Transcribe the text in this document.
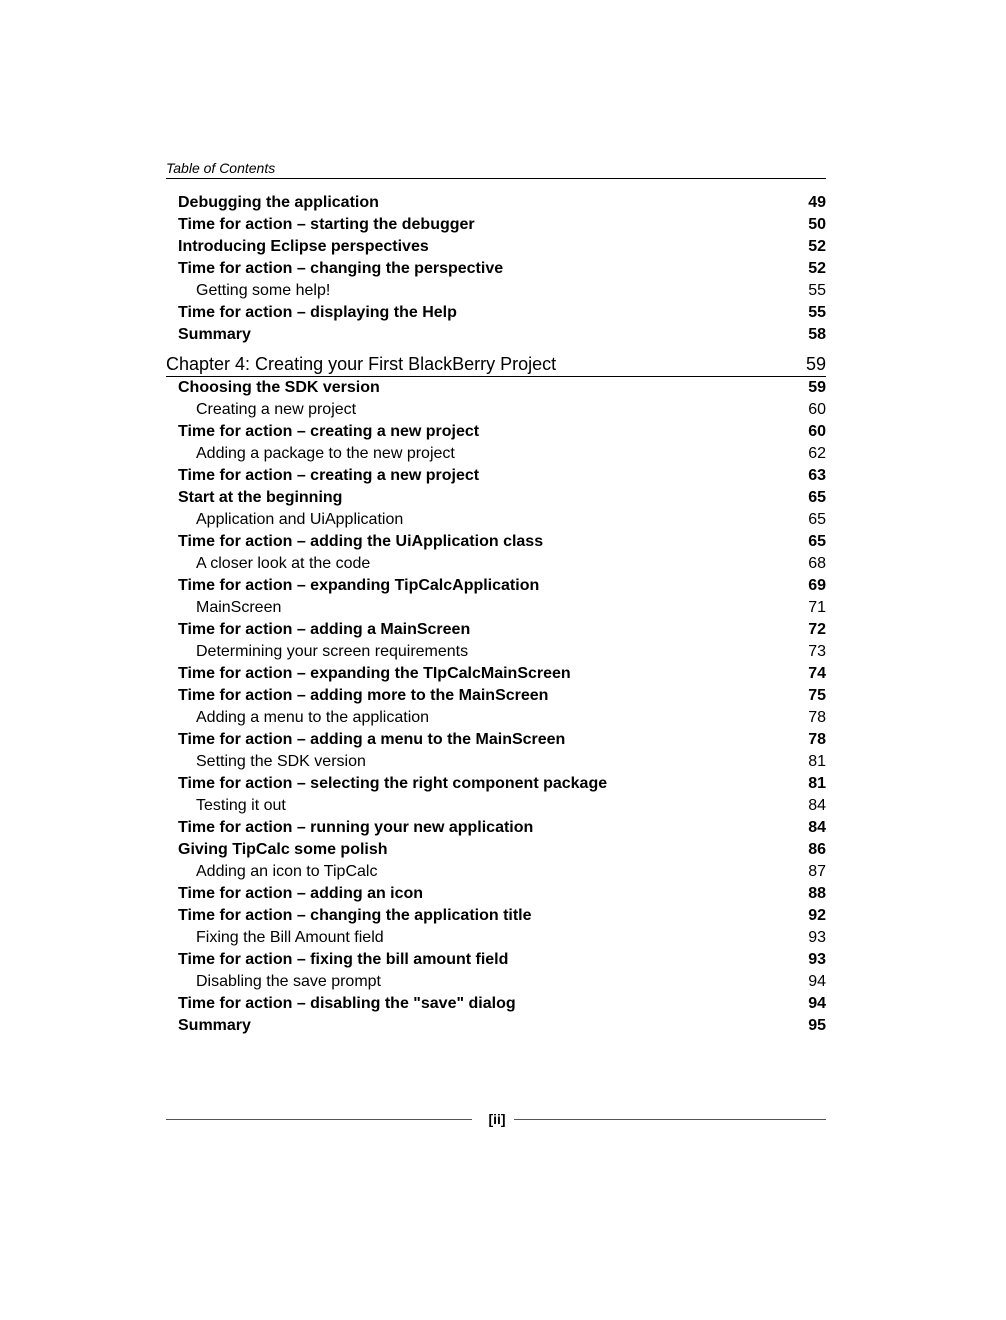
Table of Contents
Debugging the application	49
Time for action – starting the debugger	50
Introducing Eclipse perspectives	52
Time for action – changing the perspective	52
Getting some help!	55
Time for action – displaying the Help	55
Summary	58
Chapter 4: Creating your First BlackBerry Project	59
Choosing the SDK version	59
Creating a new project	60
Time for action – creating a new project	60
Adding a package to the new project	62
Time for action – creating a new project	63
Start at the beginning	65
Application and UiApplication	65
Time for action – adding the UiApplication class	65
A closer look at the code	68
Time for action – expanding TipCalcApplication	69
MainScreen	71
Time for action – adding a MainScreen	72
Determining your screen requirements	73
Time for action – expanding the TIpCalcMainScreen	74
Time for action – adding more to the MainScreen	75
Adding a menu to the application	78
Time for action – adding a menu to the MainScreen	78
Setting the SDK version	81
Time for action – selecting the right component package	81
Testing it out	84
Time for action – running your new application	84
Giving TipCalc some polish	86
Adding an icon to TipCalc	87
Time for action – adding an icon	88
Time for action – changing the application title	92
Fixing the Bill Amount field	93
Time for action – fixing the bill amount field	93
Disabling the save prompt	94
Time for action – disabling the "save" dialog	94
Summary	95
[ii]
